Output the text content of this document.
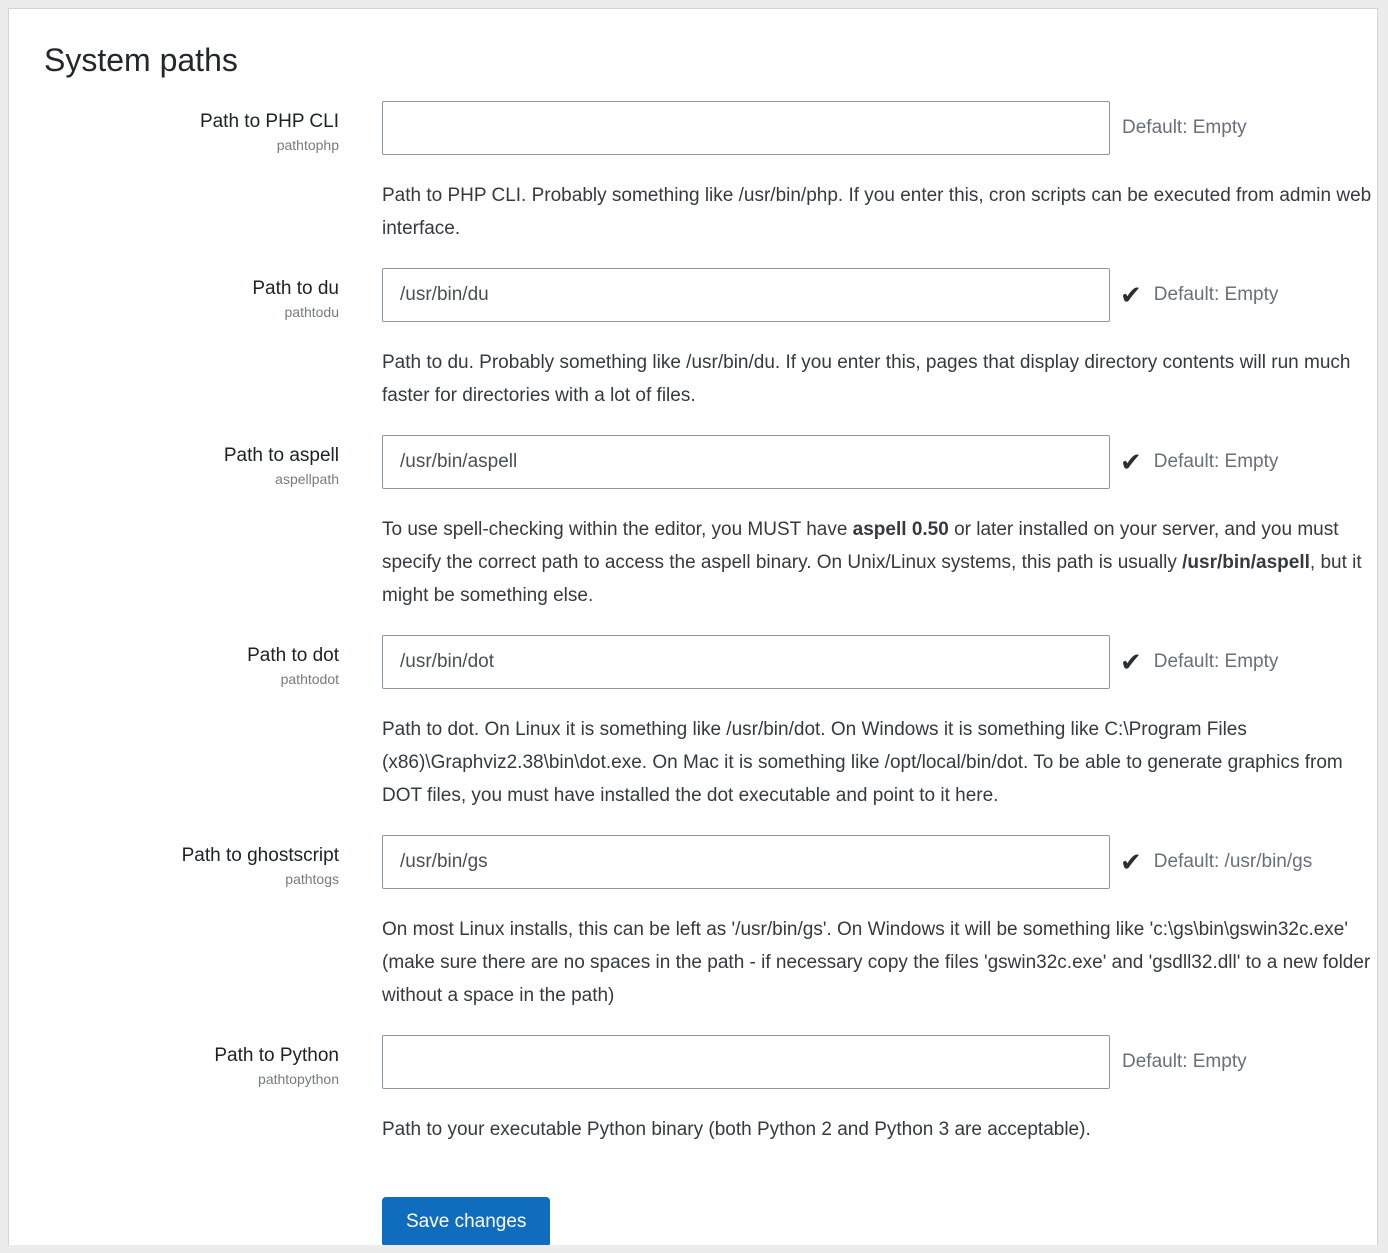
System paths
Path to PHP CLI
pathtophp
Default: Empty
Path to PHP CLI. Probably something like /usr/bin/php. If you enter this, cron scripts can be executed from admin web interface.
Path to du
pathtodu
/usr/bin/du
✔ Default: Empty
Path to du. Probably something like /usr/bin/du. If you enter this, pages that display directory contents will run much faster for directories with a lot of files.
Path to aspell
aspellpath
/usr/bin/aspell
✔ Default: Empty
To use spell-checking within the editor, you MUST have aspell 0.50 or later installed on your server, and you must specify the correct path to access the aspell binary. On Unix/Linux systems, this path is usually /usr/bin/aspell, but it might be something else.
Path to dot
pathtodot
/usr/bin/dot
✔ Default: Empty
Path to dot. On Linux it is something like /usr/bin/dot. On Windows it is something like C:\Program Files (x86)\Graphviz2.38\bin\dot.exe. On Mac it is something like /opt/local/bin/dot. To be able to generate graphics from DOT files, you must have installed the dot executable and point to it here.
Path to ghostscript
pathtogs
/usr/bin/gs
✔ Default: /usr/bin/gs
On most Linux installs, this can be left as '/usr/bin/gs'. On Windows it will be something like 'c:\gs\bin\gswin32c.exe' (make sure there are no spaces in the path - if necessary copy the files 'gswin32c.exe' and 'gsdll32.dll' to a new folder without a space in the path)
Path to Python
pathtopython
Default: Empty
Path to your executable Python binary (both Python 2 and Python 3 are acceptable).
Save changes
